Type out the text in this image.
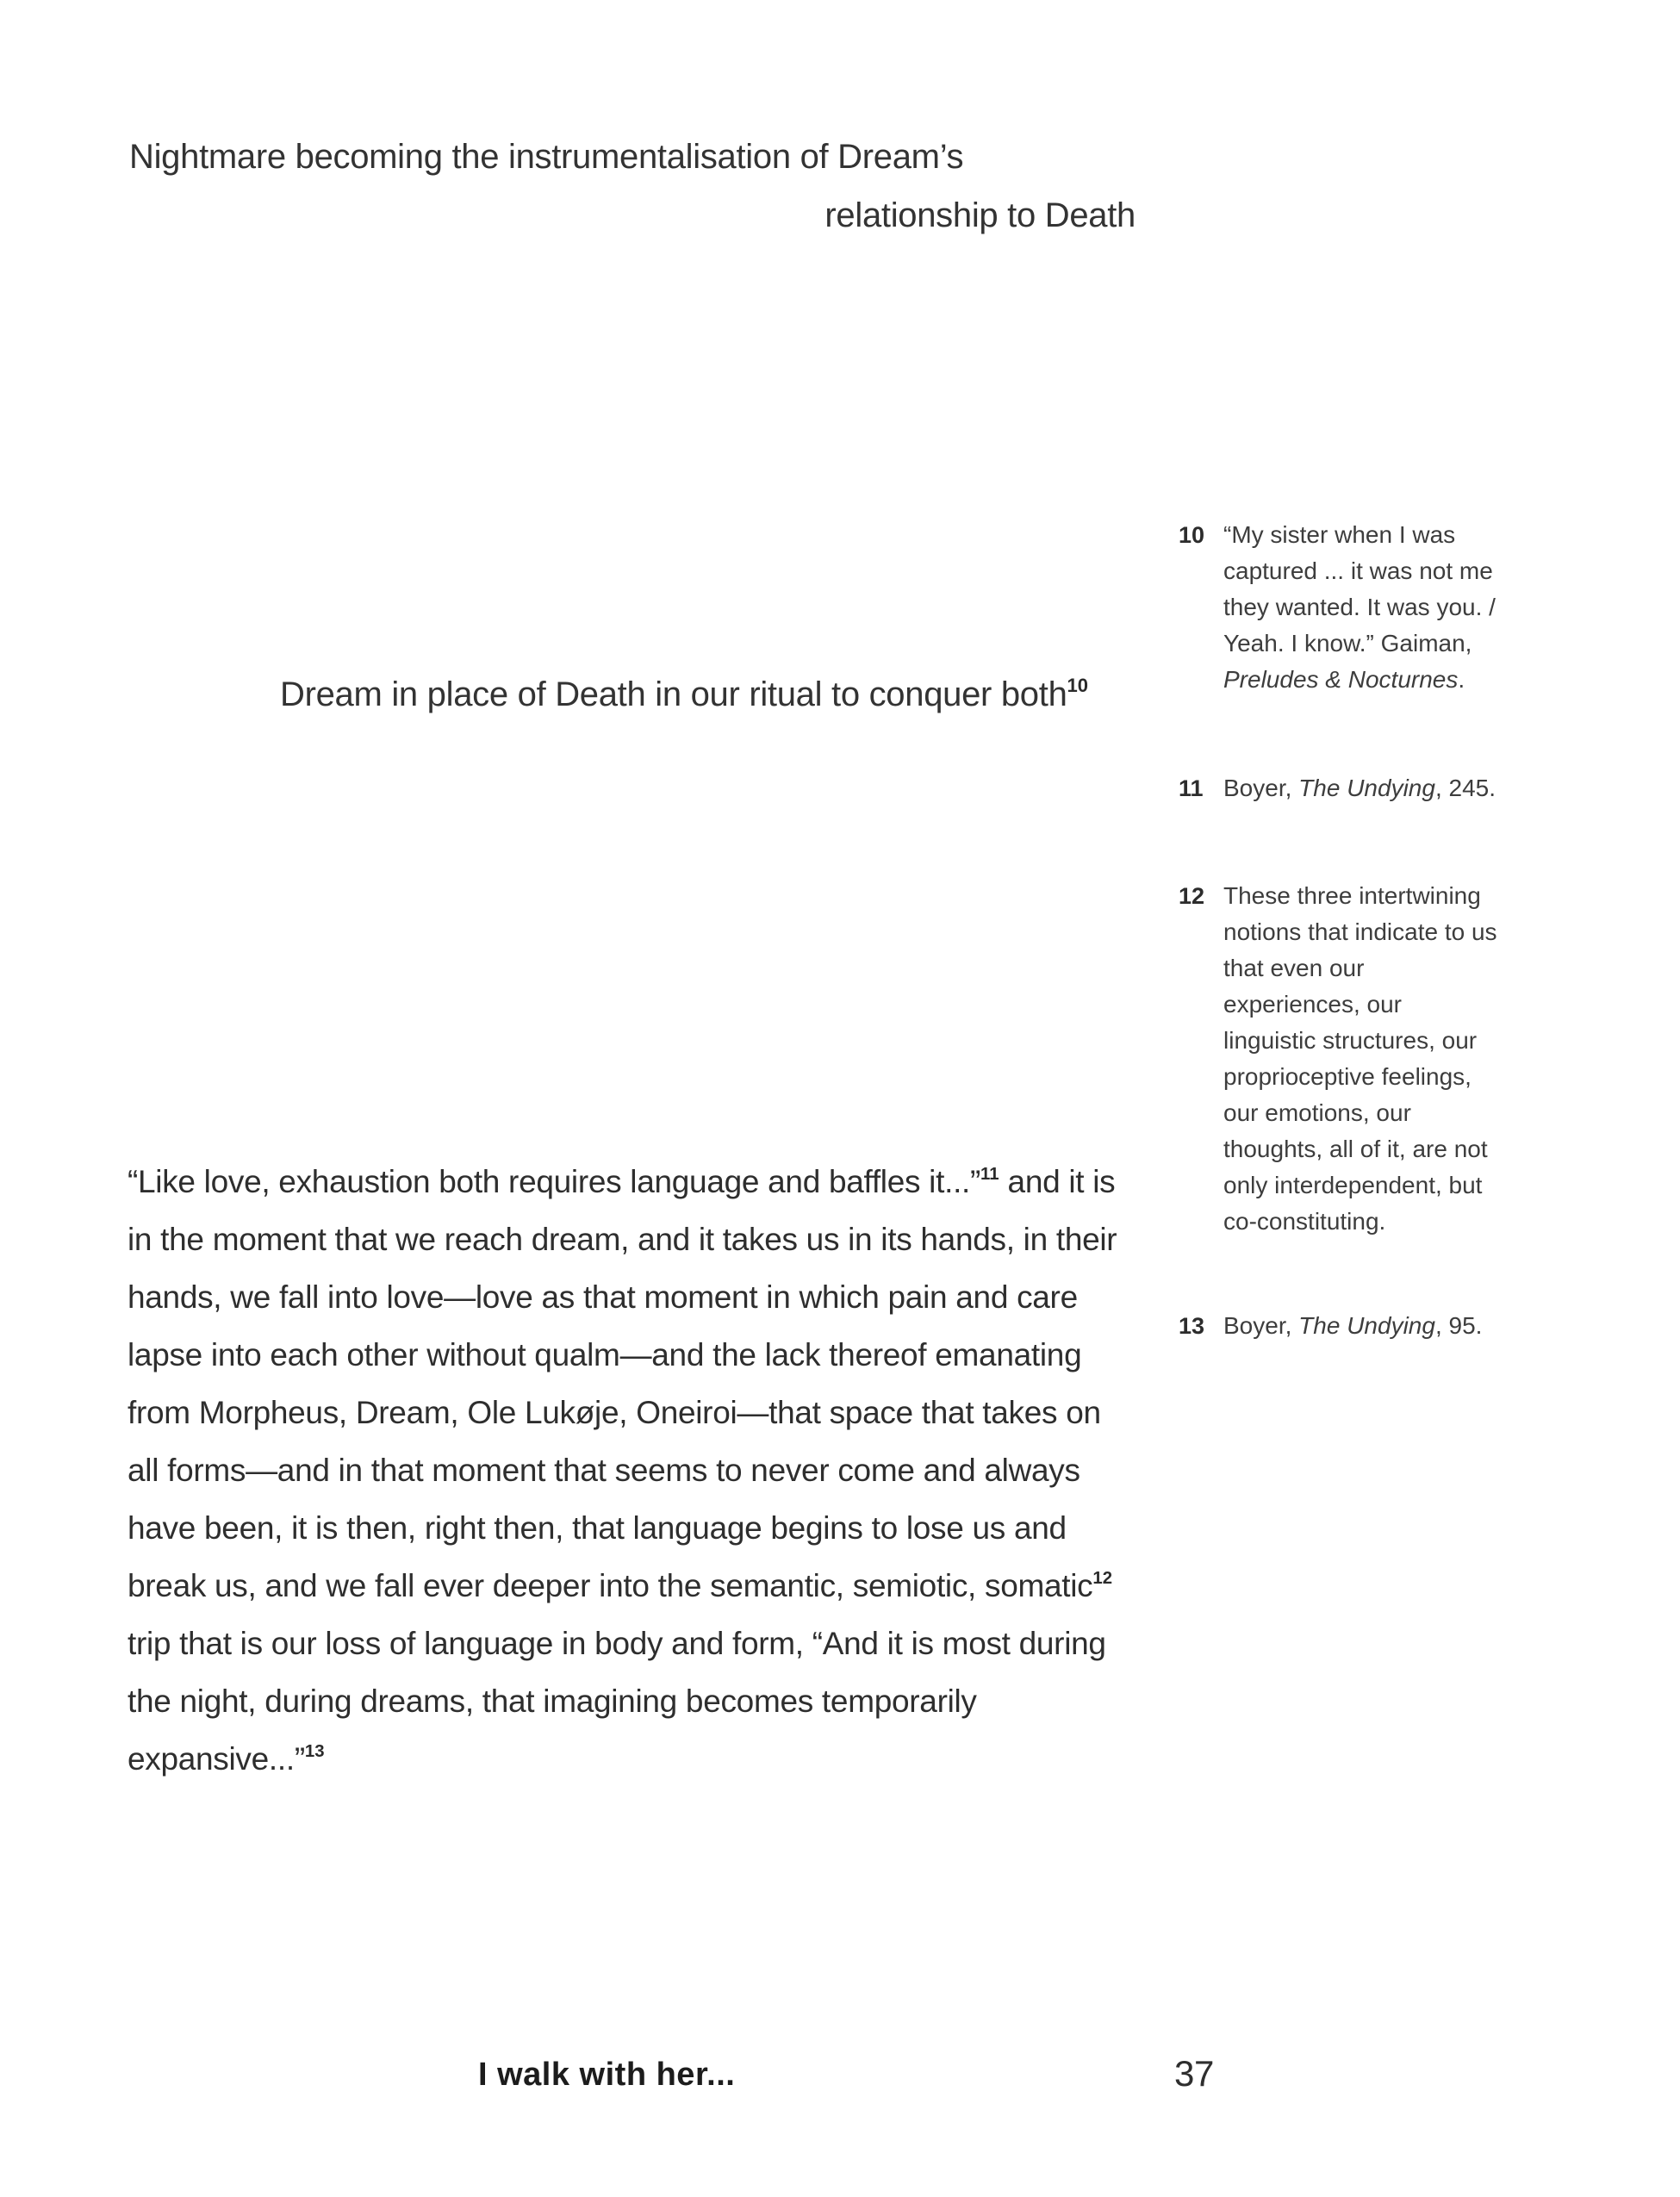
Nightmare becoming the instrumentalisation of Dream’s
relationship to Death
Dream in place of Death in our ritual to conquer both$^{10}$
“Like love, exhaustion both requires language and baffles it...”$^{11}$ and it is in the moment that we reach dream, and it takes us in its hands, in their hands, we fall into love—love as that moment in which pain and care lapse into each other without qualm—and the lack thereof emanating from Morpheus, Dream, Ole Lukøje, Oneiroi—that space that takes on all forms—and in that moment that seems to never come and always have been, it is then, right then, that language begins to lose us and break us, and we fall ever deeper into the semantic, semiotic, somatic$^{12}$ trip that is our loss of language in body and form, “And it is most during the night, during dreams, that imagining becomes temporarily expansive...”$^{13}$
10 “My sister when I was captured ... it was not me they wanted. It was you. / Yeah. I know.” Gaiman, Preludes & Nocturnes.
11 Boyer, The Undying, 245.
12 These three intertwining notions that indicate to us that even our experiences, our linguistic structures, our proprioceptive feelings, our emotions, our thoughts, all of it, are not only interdependent, but co-constituting.
13 Boyer, The Undying, 95.
I walk with her...	37
